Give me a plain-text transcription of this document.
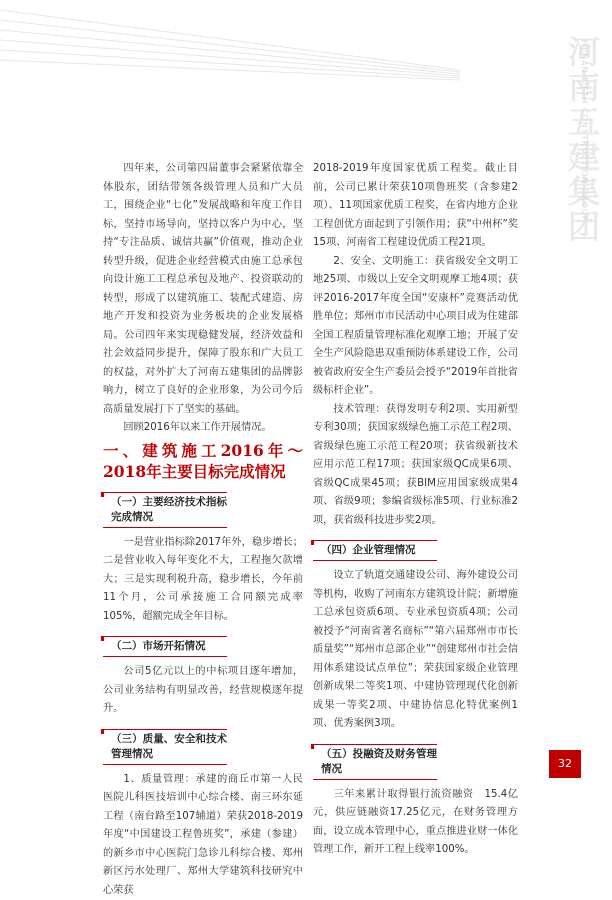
河南五建集团
HENAN FIFTH CONSTRUCTION GROUP

四年来，公司第四届董事会紧紧依靠全体股东，团结带领各级管理人员和广大员工，围绕企业“七化”发展战略和年度工作目标，坚持市场导向，坚持以客户为中心，坚持“专注品质、诚信共赢”价值观，推动企业转型升级，促进企业经营模式由施工总承包向设计施工工程总承包及地产、投资联动的转型，形成了以建筑施工、装配式建造、房地产开发和投资为业务板块的企业发展格局。公司四年来实现稳健发展，经济效益和社会效益同步提升，保障了股东和广大员工的权益，对外扩大了河南五建集团的品牌影响力，树立了良好的企业形象，为公司今后高质量发展打下了坚实的基础。

回顾2016年以来工作开展情况。

一、建筑施工2016年～2018年主要目标完成情况
（一）主要经济技术指标完成情况

一是营业指标除2017年外，稳步增长；二是营业收入每年变化不大，工程拖欠款增大；三是实现利税升高，稳步增长，今年前11个月，公司承接施工合同额完成率105%，超额完成全年目标。

（二）市场开拓情况

公司5亿元以上的中标项目逐年增加，公司业务结构有明显改善，经营规模逐年提升。

（三）质量、安全和技术管理情况

1、质量管理：承建的商丘市第一人民医院儿科医技培训中心综合楼、南三环东延工程（南台路至107辅道）荣获2018-2019年度“中国建设工程鲁班奖”，承建（参建）的新乡市中心医院门急诊儿科综合楼、郑州新区污水处理厂、郑州大学建筑科技研究中心荣获

2018-2019年度国家优质工程奖。截止目前，公司已累计荣获10项鲁班奖（含参建2项）、11项国家优质工程奖，在省内地方企业工程创优方面起到了引领作用；获“中州杯”奖15项、河南省工程建设优质工程21项。

2、安全、文明施工：获省级安全文明工地25项、市级以上安全文明观摩工地4项；获评2016-2017年度全国“安康杯”竞赛活动优胜单位；郑州市市民活动中心项目成为住建部全国工程质量管理标准化观摩工地；开展了安全生产风险隐患双重预防体系建设工作，公司被省政府安全生产委员会授予“2019年首批省级标杆企业”。

技术管理：获得发明专利2项、实用新型专利30项；获国家级绿色施工示范工程2项、省级绿色施工示范工程20项；获省级新技术应用示范工程17项；获国家级QC成果6项、省级QC成果45项；获BIM应用国家级成果4项、省级9项；参编省级标准5项、行业标准2项，获省级科技进步奖2项。

（四）企业管理情况

设立了轨道交通建设公司、海外建设公司等机构，收购了河南东方建筑设计院；新增施工总承包资质6项、专业承包资质4项；公司被授予“河南省著名商标”“第六届郑州市市长质量奖”“郑州市总部企业”“创建郑州市社会信用体系建设试点单位”；荣获国家级企业管理创新成果二等奖1项、中建协管理现代化创新成果一等奖2项、中建协信息化特优案例1项、优秀案例3项。

（五）投融资及财务管理情况

三年来累计取得银行流资融资　15.4亿元，供应链融资17.25亿元，在财务管理方面，设立成本管理中心，重点推进业财一体化管理工作，新开工程上线率100%。

32
